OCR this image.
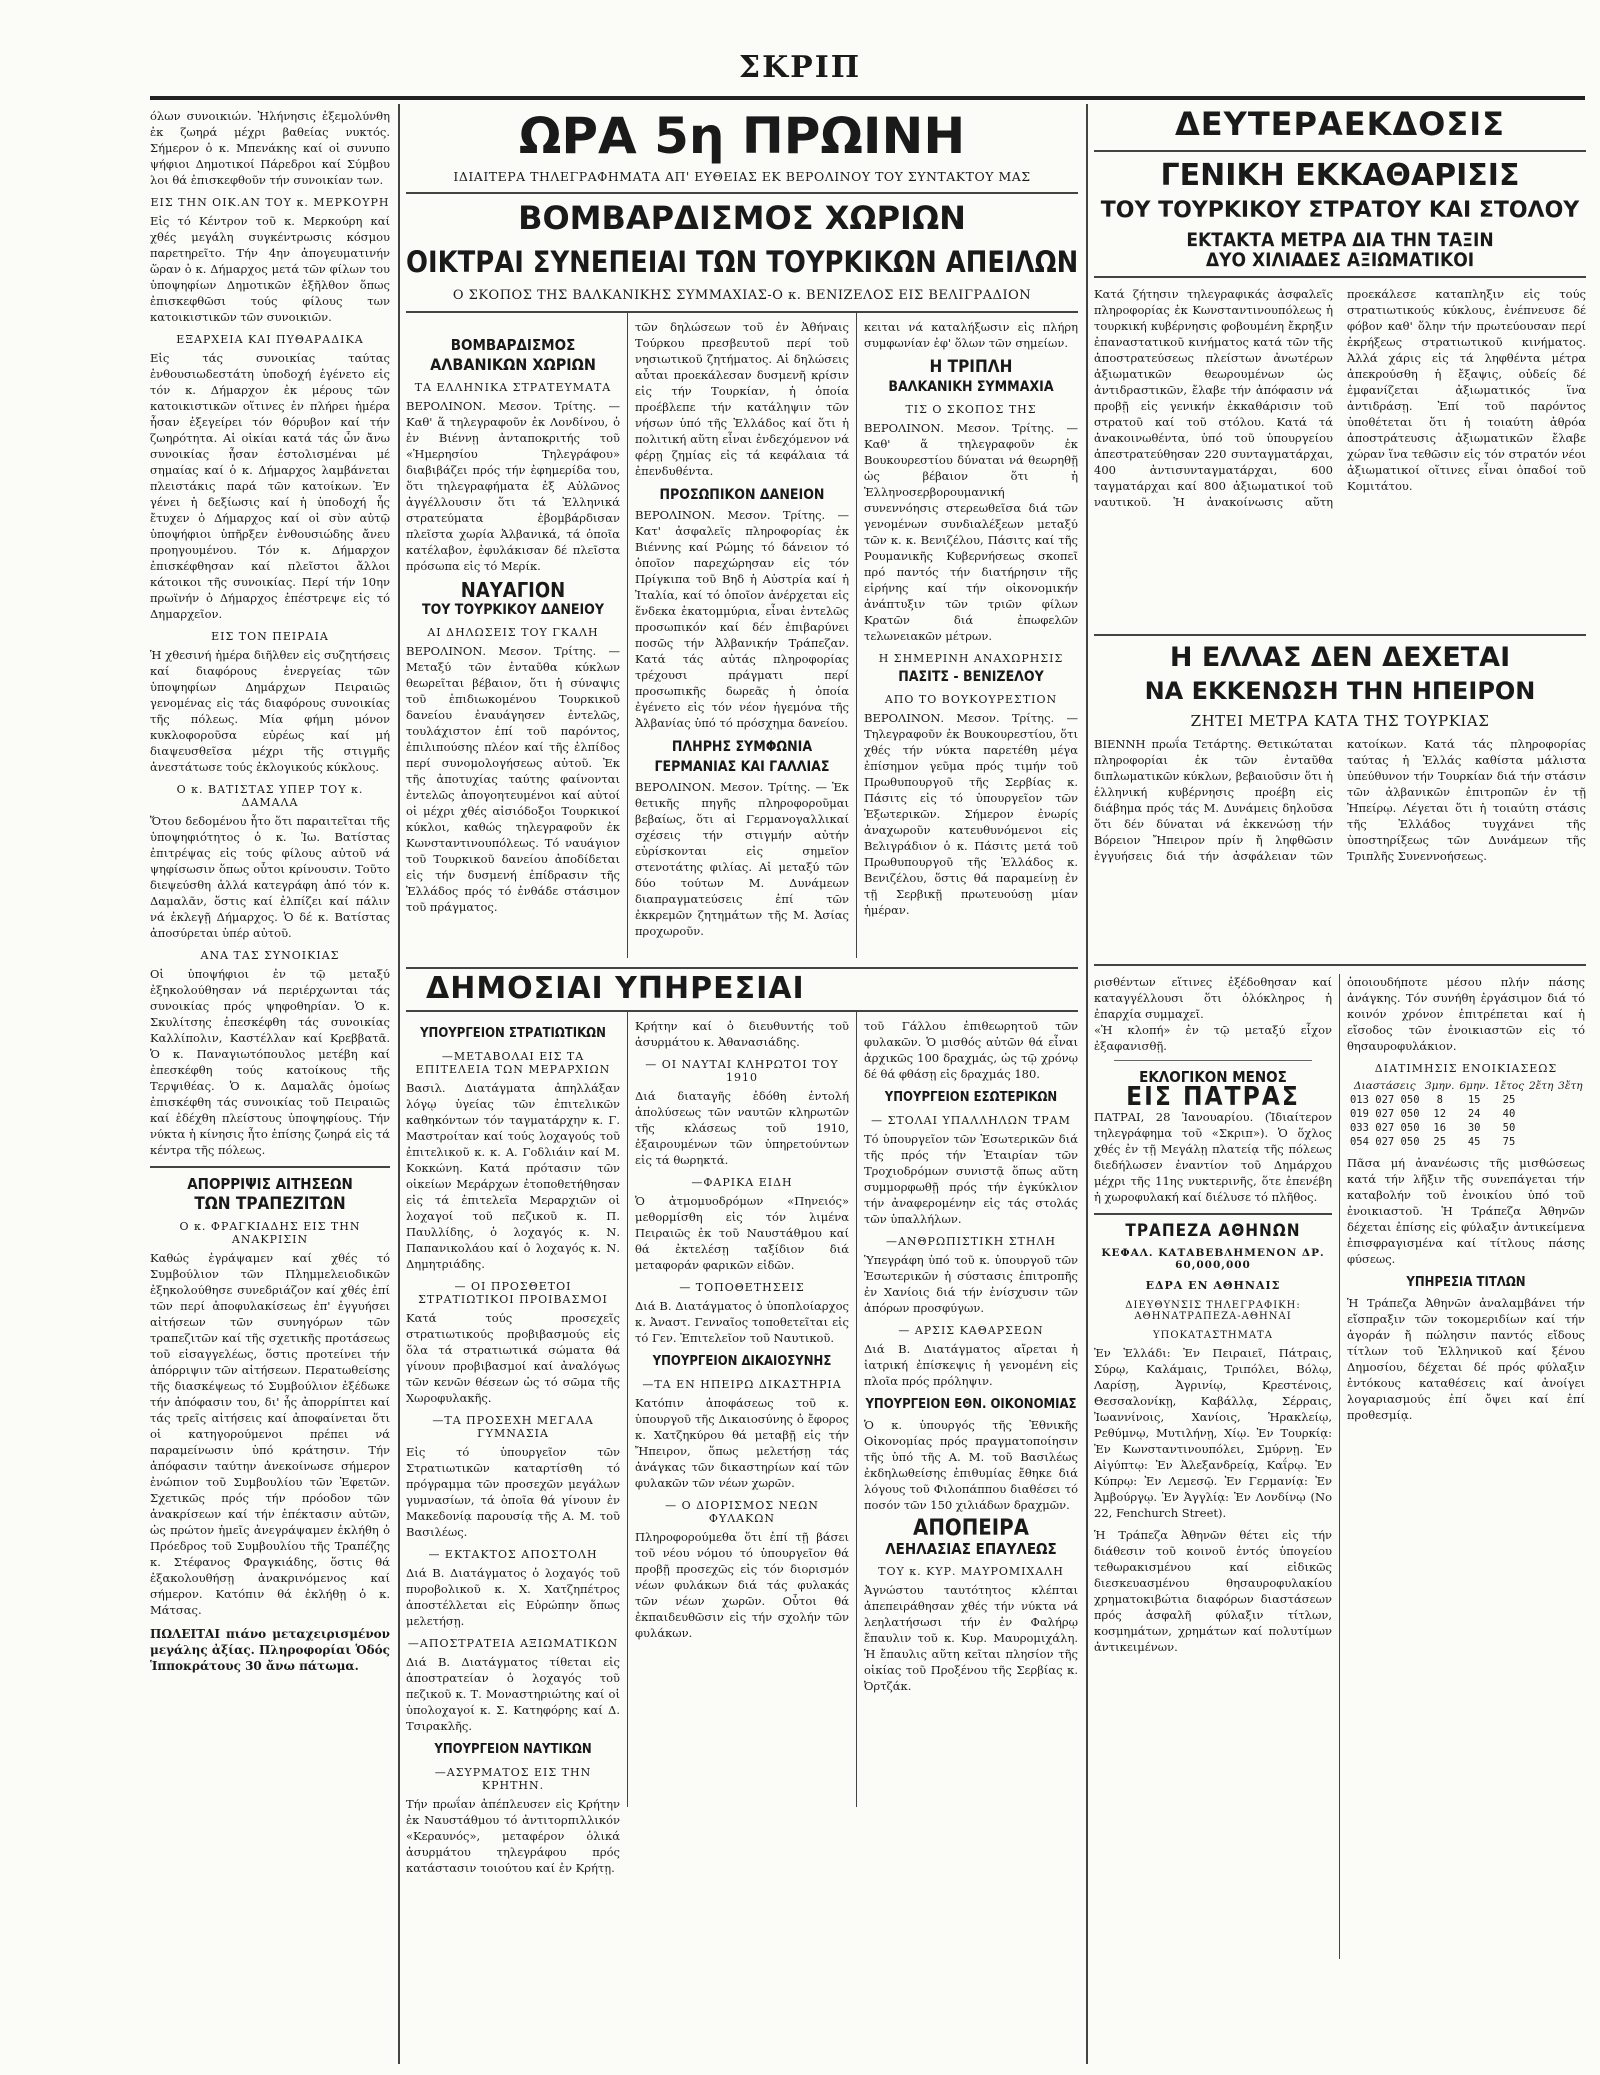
ΣΚΡΙΠ

όλων συνοικιών. Ἠλήνησις ἐξεμολύνθη ἐκ ζωηρά μέχρι βαθείας νυκτός. Σήμερον ὁ κ. Μπενάκης καί οἱ συνυπο ψήφιοι Δημοτικοί Πάρεδροι καί Σύμβου λοι θά ἐπισκεφθοῦν τήν συνοικίαν των.

ΕΙΣ ΤΗΝ ΟΙΚ.ΑΝ ΤΟΥ κ. ΜΕΡΚΟΥΡΗ

Εἰς τό Κέντρον τοῦ κ. Μερκούρη καί χθές μεγάλη συγκέντρωσις κόσμου παρετηρεῖτο. Τήν 4ην ἀπογευματινήν ὥραν ὁ κ. Δήμαρχος μετά τῶν φίλων του ὑποψηφίων Δημοτικῶν ἐξῆλθον ὅπως ἐπισκεφθῶσι τούς φίλους των κατοικιστικῶν τῶν συνοικιῶν.

ΕΞΑΡΧΕΙΑ ΚΑΙ ΠΥΘΑΡΑΔΙΚΑ

Εἰς τάς συνοικίας ταύτας ἐνθουσιωδεστάτη ὑποδοχή ἐγένετο εἰς τόν κ. Δήμαρχον ἐκ μέρους τῶν κατοικιστικῶν οἵτινες ἐν πλήρει ἡμέρα ἦσαν ἐξεγείρει τόν θόρυβον καί τήν ζωηρότητα. Αἱ οἰκίαι κατά τάς ὧν ἄνω συνοικίας ἦσαν ἐστολισμέναι μέ σημαίας καί ὁ κ. Δήμαρχος λαμβάνεται πλειστάκις παρά τῶν κατοίκων. Ἐν γένει ἡ δεξίωσις καί ἡ ὑποδοχή ἧς ἔτυχεν ὁ Δήμαρχος καί οἱ σὺν αὐτῷ ὑποψήφιοι ὑπῆρξεν ἐνθουσιώδης ἄνευ προηγουμένου. Τόν κ. Δήμαρχον ἐπισκέφθησαν καί πλεῖστοι ἄλλοι κάτοικοι τῆς συνοικίας. Περί τήν 10ην πρωϊνήν ὁ Δήμαρχος ἐπέστρεψε εἰς τό Δημαρχεῖον.

ΕΙΣ ΤΟΝ ΠΕΙΡΑΙΑ

Ἡ χθεσινή ἡμέρα διῆλθεν εἰς συζητήσεις καί διαφόρους ἐνεργείας τῶν ὑποψηφίων Δημάρχων Πειραιῶς γενομένας εἰς τάς διαφόρους συνοικίας τῆς πόλεως. Μία φήμη μόνον κυκλοφοροῦσα εὐρέως καί μή διαψευσθεῖσα μέχρι τῆς στιγμῆς ἀνεστάτωσε τούς ἐκλογικούς κύκλους.

Ο κ. ΒΑΤΙΣΤΑΣ ΥΠΕΡ ΤΟΥ κ. ΔΑΜΑΛΑ

Ὅτου δεδομένου ἦτο ὅτι παραιτεῖται τῆς ὑποψηφιότητος ὁ κ. Ἰω. Βατίστας ἐπιτρέψας εἰς τούς φίλους αὐτοῦ νά ψηφίσωσιν ὅπως οὗτοι κρίνουσιν. Τοῦτο διεψεύσθη ἀλλά κατεγράφη ἀπό τόν κ. Δαμαλᾶν, ὅστις καί ἐλπίζει καί πάλιν νά ἐκλεγῇ Δήμαρχος. Ὁ δέ κ. Βατίστας ἀποσύρεται ὑπέρ αὐτοῦ.

ΑΝΑ ΤΑΣ ΣΥΝΟΙΚΙΑΣ

Οἱ ὑποψήφιοι ἐν τῷ μεταξύ ἐξηκολούθησαν νά περιέρχωνται τάς συνοικίας πρός ψηφοθηρίαν. Ὁ κ. Σκυλίτσης ἐπεσκέφθη τάς συνοικίας Καλλίπολιν, Καστέλλαν καί Κρεββατᾶ. Ὁ κ. Παναγιωτόπουλος μετέβη καί ἐπεσκέφθη τούς κατοίκους τῆς Τερψιθέας. Ὁ κ. Δαμαλᾶς ὁμοίως ἐπισκέφθη τάς συνοικίας τοῦ Πειραιῶς καί ἐδέχθη πλείστους ὑποψηφίους. Τήν νύκτα ἡ κίνησις ἦτο ἐπίσης ζωηρά εἰς τά κέντρα τῆς πόλεως.

ΑΠΟΡΡΙΨΙΣ ΑΙΤΗΣΕΩΝ
ΤΩΝ ΤΡΑΠΕΖΙΤΩΝ
Ο κ. ΦΡΑΓΚΙΑΔΗΣ ΕΙΣ ΤΗΝ ΑΝΑΚΡΙΣΙΝ

Καθώς ἐγράψαμεν καί χθές τό Συμβούλιον τῶν Πλημμελειοδικῶν ἐξηκολούθησε συνεδριάζον καί χθές ἐπί τῶν περί ἀποφυλακίσεως ἐπ' ἐγγυήσει αἰτήσεων τῶν συνηγόρων τῶν τραπεζιτῶν καί τῆς σχετικῆς προτάσεως τοῦ εἰσαγγελέως, ὅστις προτείνει τήν ἀπόρριψιν τῶν αἰτήσεων. Περατωθείσης τῆς διασκέψεως τό Συμβούλιον ἐξέδωκε τήν ἀπόφασιν του, δι' ἧς ἀπορρίπτει καί τάς τρεῖς αἰτήσεις καί ἀποφαίνεται ὅτι οἱ κατηγορούμενοι πρέπει νά παραμείνωσιν ὑπό κράτησιν. Τήν ἀπόφασιν ταύτην ἀνεκοίνωσε σήμερον ἐνώπιον τοῦ Συμβουλίου τῶν Ἐφετῶν. Σχετικῶς πρός τήν πρόοδον τῶν ἀνακρίσεων καί τήν ἐπέκτασιν αὐτῶν, ὡς πρώτον ἡμεῖς ἀνεγράψαμεν ἐκλήθη ὁ Πρόεδρος τοῦ Συμβουλίου τῆς Τραπέζης κ. Στέφανος Φραγκιάδης, ὅστις θά ἐξακολουθήσῃ ἀνακρινόμενος καί σήμερον. Κατόπιν θά ἐκλήθῃ ὁ κ. Μάτσας.

ΠΩΛΕΙΤΑΙ πιάνο μεταχειρισμένον μεγάλης ἀξίας. Πληροφορίαι Ὁδός Ἱπποκράτους 30 ἄνω πάτωμα.

ΩΡΑ 5η ΠΡΩΙΝΗ
ΙΔΙΑΙΤΕΡΑ ΤΗΛΕΓΡΑΦΗΜΑΤΑ ΑΠ' ΕΥΘΕΙΑΣ ΕΚ ΒΕΡΟΛΙΝΟΥ ΤΟΥ ΣΥΝΤΑΚΤΟΥ ΜΑΣ
ΒΟΜΒΑΡΔΙΣΜΟΣ ΧΩΡΙΩΝ
ΟΙΚΤΡΑΙ ΣΥΝΕΠΕΙΑΙ ΤΩΝ ΤΟΥΡΚΙΚΩΝ ΑΠΕΙΛΩΝ
Ο ΣΚΟΠΟΣ ΤΗΣ ΒΑΛΚΑΝΙΚΗΣ ΣΥΜΜΑΧΙΑΣ-Ο κ. ΒΕΝΙΖΕΛΟΣ ΕΙΣ ΒΕΛΙΓΡΑΔΙΟΝ
ΒΟΜΒΑΡΔΙΣΜΟΣ
ΑΛΒΑΝΙΚΩΝ ΧΩΡΙΩΝ
ΤΑ ΕΛΛΗΝΙΚΑ ΣΤΡΑΤΕΥΜΑΤΑ

ΒΕΡΟΛΙΝΟΝ. Μεσον. Τρίτης. — Καθ' ἅ τηλεγραφοῦν ἐκ Λονδίνου, ὁ ἐν Βιέννῃ ἀνταποκριτής τοῦ «Ἡμερησίου Τηλεγράφου» διαβιβάζει πρός τήν ἐφημερίδα του, ὅτι τηλεγραφήματα ἐξ Αὐλῶνος ἀγγέλλουσιν ὅτι τά Ἑλληνικά στρατεύματα ἐβομβάρδισαν πλεῖστα χωρία Ἀλβανικά, τά ὁποῖα κατέλαβον, ἐφυλάκισαν δέ πλεῖστα πρόσωπα εἰς τό Μερίκ.

ΝΑΥΑΓΙΟΝ
ΤΟΥ ΤΟΥΡΚΙΚΟΥ ΔΑΝΕΙΟΥ
ΑΙ ΔΗΛΩΣΕΙΣ ΤΟΥ ΓΚΑΛΗ

ΒΕΡΟΛΙΝΟΝ. Μεσον. Τρίτης. — Μεταξύ τῶν ἐνταῦθα κύκλων θεωρεῖται βέβαιον, ὅτι ἡ σύναψις τοῦ ἐπιδιωκομένου Τουρκικοῦ δανείου ἐναυάγησεν ἐντελῶς, τουλάχιστον ἐπί τοῦ παρόντος, ἐπιλιπούσης πλέον καί τῆς ἐλπίδος περί συνομολογήσεως αὐτοῦ. Ἐκ τῆς ἀποτυχίας ταύτης φαίνονται ἐντελῶς ἀπογοητευμένοι καί αὐτοί οἱ μέχρι χθές αἰσιόδοξοι Τουρκικοί κύκλοι, καθώς τηλεγραφοῦν ἐκ Κωνσταντινουπόλεως. Τό ναυάγιον τοῦ Τουρκικοῦ δανείου ἀποδίδεται εἰς τήν δυσμενή ἐπίδρασιν τῆς Ἑλλάδος πρός τό ἐνθάδε στάσιμον τοῦ πράγματος.

τῶν δηλώσεων τοῦ ἐν Ἀθήναις Τούρκου πρεσβευτοῦ περί τοῦ νησιωτικοῦ ζητήματος. Αἱ δηλώσεις αὗται προεκάλεσαν δυσμενῆ κρίσιν εἰς τήν Τουρκίαν, ἡ ὁποία προέβλεπε τήν κατάληψιν τῶν νήσων ὑπό τῆς Ἑλλάδος καί ὅτι ἡ πολιτική αὕτη εἶναι ἐνδεχόμενον νά φέρῃ ζημίας εἰς τά κεφάλαια τά ἐπενδυθέντα.

ΠΡΟΣΩΠΙΚΟΝ ΔΑΝΕΙΟΝ

ΒΕΡΟΛΙΝΟΝ. Μεσον. Τρίτης. — Κατ' ἀσφαλεῖς πληροφορίας ἐκ Βιέννης καί Ρώμης τό δάνειον τό ὁποῖον παρεχώρησαν εἰς τόν Πρίγκιπα τοῦ Βηδ ἡ Αὐστρία καί ἡ Ἰταλία, καί τό ὁποῖον ἀνέρχεται εἰς ἕνδεκα ἑκατομμύρια, εἶναι ἐντελῶς προσωπικόν καί δέν ἐπιβαρύνει ποσῶς τήν Ἀλβανικήν Τράπεζαν. Κατά τάς αὐτάς πληροφορίας τρέχουσι πράγματι περί προσωπικῆς δωρεᾶς ἡ ὁποία ἐγένετο εἰς τόν νέον ἡγεμόνα τῆς Ἀλβανίας ὑπό τό πρόσχημα δανείου.

ΠΛΗΡΗΣ ΣΥΜΦΩΝΙΑ
ΓΕΡΜΑΝΙΑΣ ΚΑΙ ΓΑΛΛΙΑΣ

ΒΕΡΟΛΙΝΟΝ. Μεσον. Τρίτης. — Ἐκ θετικῆς πηγῆς πληροφοροῦμαι βεβαίως, ὅτι αἱ Γερμανογαλλικαί σχέσεις τήν στιγμήν αὐτήν εὑρίσκονται εἰς σημεῖον στενοτάτης φιλίας. Αἱ μεταξύ τῶν δύο τούτων Μ. Δυνάμεων διαπραγματεύσεις ἐπί τῶν ἐκκρεμῶν ζητημάτων τῆς Μ. Ἀσίας προχωροῦν.

κειται νά καταλήξωσιν εἰς πλήρη συμφωνίαν ἐφ' ὅλων τῶν σημείων.

Η ΤΡΙΠΛΗ
ΒΑΛΚΑΝΙΚΗ ΣΥΜΜΑΧΙΑ
ΤΙΣ Ο ΣΚΟΠΟΣ ΤΗΣ

ΒΕΡΟΛΙΝΟΝ. Μεσον. Τρίτης. — Καθ' ἅ τηλεγραφοῦν ἐκ Βουκουρεστίου δύναται νά θεωρηθῇ ὡς βέβαιον ὅτι ἡ Ἑλληνοσερβορουμανική συνεννόησις στερεωθεῖσα διά τῶν γενομένων συνδιαλέξεων μεταξύ τῶν κ. κ. Βενιζέλου, Πάσιτς καί τῆς Ρουμανικῆς Κυβερνήσεως σκοπεῖ πρό παντός τήν διατήρησιν τῆς εἰρήνης καί τήν οἰκονομικήν ἀνάπτυξιν τῶν τριῶν φίλων Κρατῶν διά ἐπωφελῶν τελωνειακῶν μέτρων.

Η ΣΗΜΕΡΙΝΗ ΑΝΑΧΩΡΗΣΙΣ
ΠΑΣΙΤΣ - ΒΕΝΙΖΕΛΟΥ
ΑΠΟ ΤΟ ΒΟΥΚΟΥΡΕΣΤΙΟΝ

ΒΕΡΟΛΙΝΟΝ. Μεσον. Τρίτης. — Τηλεγραφοῦν ἐκ Βουκουρεστίου, ὅτι χθές τήν νύκτα παρετέθη μέγα ἐπίσημον γεῦμα πρός τιμήν τοῦ Πρωθυπουργοῦ τῆς Σερβίας κ. Πάσιτς εἰς τό ὑπουργεῖον τῶν Ἐξωτερικῶν. Σήμερον ἐνωρίς ἀναχωροῦν κατευθυνόμενοι εἰς Βελιγράδιον ὁ κ. Πάσιτς μετά τοῦ Πρωθυπουργοῦ τῆς Ἑλλάδος κ. Βενιζέλου, ὅστις θά παραμείνῃ ἐν τῇ Σερβικῇ πρωτευούσῃ μίαν ἡμέραν.

ΔΗΜΟΣΙΑΙ ΥΠΗΡΕΣΙΑΙ
ΥΠΟΥΡΓΕΙΟΝ ΣΤΡΑΤΙΩΤΙΚΩΝ
—ΜΕΤΑΒΟΛΑΙ ΕΙΣ ΤΑ ΕΠΙΤΕΛΕΙΑ ΤΩΝ ΜΕΡΑΡΧΙΩΝ

Βασιλ. Διατάγματα ἀπηλλάξαν λόγῳ ὑγείας τῶν ἐπιτελικῶν καθηκόντων τόν ταγματάρχην κ. Γ. Μαστροίταν καί τούς λοχαγούς τοῦ ἐπιτελικοῦ κ. κ. Α. Γοδλιάιν καί Μ. Κοκκώνη. Κατά πρότασιν τῶν οἰκείων Μεράρχων ἐτοποθετήθησαν εἰς τά ἐπιτελεῖα Μεραρχιῶν οἱ λοχαγοί τοῦ πεζικοῦ κ. Π. Παυλλίδης, ὁ λοχαγός κ. Ν. Παπανικολάου καί ὁ λοχαγός κ. Ν. Δημητριάδης.

— ΟΙ ΠΡΟΣΘΕΤΟΙ ΣΤΡΑΤΙΩΤΙΚΟΙ ΠΡΟΙΒΑΣΜΟΙ

Κατά τούς προσεχεῖς στρατιωτικούς προβιβασμούς εἰς ὅλα τά στρατιωτικά σώματα θά γίνουν προβιβασμοί καί ἀναλόγως τῶν κενῶν θέσεων ὡς τό σῶμα τῆς Χωροφυλακῆς.

—ΤΑ ΠΡΟΣΕΧΗ ΜΕΓΑΛΑ ΓΥΜΝΑΣΙΑ

Εἰς τό ὑπουργεῖον τῶν Στρατιωτικῶν καταρτίσθη τό πρόγραμμα τῶν προσεχῶν μεγάλων γυμνασίων, τά ὁποῖα θά γίνουν ἐν Μακεδονίᾳ παρουσίᾳ τῆς Α. Μ. τοῦ Βασιλέως.

— ΕΚΤΑΚΤΟΣ ΑΠΟΣΤΟΛΗ

Διά Β. Διατάγματος ὁ λοχαγός τοῦ πυροβολικοῦ κ. Χ. Χατζηπέτρος ἀποστέλλεται εἰς Εὐρώπην ὅπως μελετήσῃ.

—ΑΠΟΣΤΡΑΤΕΙΑ ΑΞΙΩΜΑΤΙΚΩΝ

Διά Β. Διατάγματος τίθεται εἰς ἀποστρατείαν ὁ λοχαγός τοῦ πεζικοῦ κ. Τ. Μοναστηριώτης καί οἱ ὑπολοχαγοί κ. Σ. Κατηφόρης καί Δ. Τσιρακλῆς.

ΥΠΟΥΡΓΕΙΟΝ ΝΑΥΤΙΚΩΝ
—ΑΣΥΡΜΑΤΟΣ ΕΙΣ ΤΗΝ ΚΡΗΤΗΝ.

Τήν πρωΐαν ἀπέπλευσεν εἰς Κρήτην ἐκ Ναυστάθμου τό ἀντιτορπιλλικόν «Κεραυνός», μεταφέρον ὁλικά ἀσυρμάτου τηλεγράφου πρός κατάστασιν τοιούτου καί ἐν Κρήτῃ.

Κρήτην καί ὁ διευθυντής τοῦ ἀσυρμάτου κ. Ἀθανασιάδης.

— ΟΙ ΝΑΥΤΑΙ ΚΛΗΡΩΤΟΙ ΤΟΥ 1910

Διά διαταγῆς ἐδόθη ἐντολή ἀπολύσεως τῶν ναυτῶν κληρωτῶν τῆς κλάσεως τοῦ 1910, ἐξαιρουμένων τῶν ὑπηρετούντων εἰς τά θωρηκτά.

—ΦΑΡΙΚΑ ΕΙΔΗ

Ὁ ἀτμομυοδρόμων «Πηνειός» μεθορμίσθη εἰς τόν λιμένα Πειραιῶς ἐκ τοῦ Ναυστάθμου καί θά ἐκτελέσῃ ταξίδιον διά μεταφοράν φαρικῶν εἰδῶν.

— ΤΟΠΟΘΕΤΗΣΕΙΣ

Διά Β. Διατάγματος ὁ ὑποπλοίαρχος κ. Ἀναστ. Γενναῖος τοποθετεῖται εἰς τό Γεν. Ἐπιτελεῖον τοῦ Ναυτικοῦ.

ΥΠΟΥΡΓΕΙΟΝ ΔΙΚΑΙΟΣΥΝΗΣ
—ΤΑ ΕΝ ΗΠΕΙΡΩ ΔΙΚΑΣΤΗΡΙΑ

Κατόπιν ἀποφάσεως τοῦ κ. ὑπουργοῦ τῆς Δικαιοσύνης ὁ ἔφορος κ. Χατζηκύρου θά μεταβῇ εἰς τήν Ἤπειρον, ὅπως μελετήσῃ τάς ἀνάγκας τῶν δικαστηρίων καί τῶν φυλακῶν τῶν νέων χωρῶν.

— Ο ΔΙΟΡΙΣΜΟΣ ΝΕΩΝ ΦΥΛΑΚΩΝ

Πληροφορούμεθα ὅτι ἐπί τῇ βάσει τοῦ νέου νόμου τό ὑπουργεῖον θά προβῇ προσεχῶς εἰς τόν διορισμόν νέων φυλάκων διά τάς φυλακάς τῶν νέων χωρῶν. Οὗτοι θά ἐκπαιδευθῶσιν εἰς τήν σχολήν τῶν φυλάκων.

τοῦ Γάλλου ἐπιθεωρητοῦ τῶν φυλακῶν. Ὁ μισθός αὐτῶν θά εἶναι ἀρχικῶς 100 δραχμάς, ὡς τῷ χρόνῳ δέ θά φθάσῃ εἰς δραχμάς 180.

ΥΠΟΥΡΓΕΙΟΝ ΕΣΩΤΕΡΙΚΩΝ
— ΣΤΟΛΑΙ ΥΠΑΛΛΗΛΩΝ ΤΡΑΜ

Τό ὑπουργεῖον τῶν Ἐσωτερικῶν διά τῆς πρός τήν Ἑταιρίαν τῶν Τροχιοδρόμων συνιστᾷ ὅπως αὕτη συμμορφωθῇ πρός τήν ἐγκύκλιον τήν ἀναφερομένην εἰς τάς στολάς τῶν ὑπαλλήλων.

—ΑΝΘΡΩΠΙΣΤΙΚΗ ΣΤΗΛΗ

Ὑπεγράφη ὑπό τοῦ κ. ὑπουργοῦ τῶν Ἐσωτερικῶν ἡ σύστασις ἐπιτροπῆς ἐν Χανίοις διά τήν ἐνίσχυσιν τῶν ἀπόρων προσφύγων.

— ΑΡΣΙΣ ΚΑΘΑΡΣΕΩΝ

Διά Β. Διατάγματος αἴρεται ἡ ἰατρική ἐπίσκεψις ἡ γενομένη εἰς πλοῖα πρός πρόληψιν.

ΥΠΟΥΡΓΕΙΟΝ ΕΘΝ. ΟΙΚΟΝΟΜΙΑΣ

Ὁ κ. ὑπουργός τῆς Ἐθνικῆς Οἰκονομίας πρός πραγματοποίησιν τῆς ὑπό τῆς Α. Μ. τοῦ Βασιλέως ἐκδηλωθείσης ἐπιθυμίας ἔθηκε διά λόγους τοῦ Φιλοπάππου διαθέσει τό ποσόν τῶν 150 χιλιάδων δραχμῶν.

ΑΠΟΠΕΙΡΑ
ΛΕΗΛΑΣΙΑΣ ΕΠΑΥΛΕΩΣ
ΤΟΥ κ. ΚΥΡ. ΜΑΥΡΟΜΙΧΑΛΗ

Ἀγνώστου ταυτότητος κλέπται ἀπεπειράθησαν χθές τήν νύκτα νά λεηλατήσωσι τήν ἐν Φαλήρῳ ἔπαυλιν τοῦ κ. Κυρ. Μαυρομιχάλη. Ἡ ἔπαυλις αὕτη κεῖται πλησίον τῆς οἰκίας τοῦ Προξένου τῆς Σερβίας κ. Ὀρτζάκ.

ΔΕΥΤΕΡΑΕΚΔΟΣΙΣ
ΓΕΝΙΚΗ ΕΚΚΑΘΑΡΙΣΙΣ
ΤΟΥ ΤΟΥΡΚΙΚΟΥ ΣΤΡΑΤΟΥ ΚΑΙ ΣΤΟΛΟΥ
ΕΚΤΑΚΤΑ ΜΕΤΡΑ ΔΙΑ ΤΗΝ ΤΑΞΙΝ
ΔΥΟ ΧΙΛΙΑΔΕΣ ΑΞΙΩΜΑΤΙΚΟΙ

Κατά ζήτησιν τηλεγραφικάς ἀσφαλεῖς πληροφορίας ἐκ Κωνσταντινουπόλεως ἡ τουρκική κυβέρνησις φοβουμένη ἔκρηξιν ἐπαναστατικοῦ κινήματος κατά τῶν τῆς ἀποστρατεύσεως πλείστων ἀνωτέρων ἀξιωματικῶν θεωρουμένων ὡς ἀντιδραστικῶν, ἔλαβε τήν ἀπόφασιν νά προβῇ εἰς γενικήν ἐκκαθάρισιν τοῦ στρατοῦ καί τοῦ στόλου. Κατά τά ἀνακοινωθέντα, ὑπό τοῦ ὑπουργείου ἀπεστρατεύθησαν 220 συνταγματάρχαι, 400 ἀντισυνταγματάρχαι, 600 ταγματάρχαι καί 800 ἀξιωματικοί τοῦ ναυτικοῦ. Ἡ ἀνακοίνωσις αὕτη προεκάλεσε καταπληξιν εἰς τούς στρατιωτικούς κύκλους, ἐνέπνευσε δέ φόβον καθ' ὅλην τήν πρωτεύουσαν περί ἐκρήξεως στρατιωτικοῦ κινήματος. Ἀλλά χάρις εἰς τά ληφθέντα μέτρα ἀπεκρούσθη ἡ ἔξαψις, οὐδείς δέ ἐμφανίζεται ἀξιωματικός ἵνα ἀντιδράσῃ. Ἐπί τοῦ παρόντος ὑποθέτεται ὅτι ἡ τοιαύτη ἀθρόα ἀποστράτευσις ἀξιωματικῶν ἔλαβε χώραν ἵνα τεθῶσιν εἰς τόν στρατόν νέοι ἀξιωματικοί οἵτινες εἶναι ὀπαδοί τοῦ Κομιτάτου.

Η ΕΛΛΑΣ ΔΕΝ ΔΕΧΕΤΑΙ
ΝΑ ΕΚΚΕΝΩΣΗ ΤΗΝ ΗΠΕΙΡΟΝ
ΖΗΤΕΙ ΜΕΤΡΑ ΚΑΤΑ ΤΗΣ ΤΟΥΡΚΙΑΣ

ΒΙΕΝΝΗ πρωΐα Τετάρτης. Θετικώταται πληροφορίαι ἐκ τῶν ἐνταῦθα διπλωματικῶν κύκλων, βεβαιοῦσιν ὅτι ἡ ἑλληνική κυβέρνησις προέβη εἰς διάβημα πρός τάς Μ. Δυνάμεις δηλοῦσα ὅτι δέν δύναται νά ἐκκενώσῃ τήν Βόρειον Ἤπειρον πρίν ἤ ληφθῶσιν ἐγγυήσεις διά τήν ἀσφάλειαν τῶν κατοίκων. Κατά τάς πληροφορίας ταύτας ἡ Ἑλλάς καθίστα μάλιστα ὑπεύθυνον τήν Τουρκίαν διά τήν στάσιν τῶν ἀλβανικῶν ἐπιτροπῶν ἐν τῇ Ἠπείρῳ. Λέγεται ὅτι ἡ τοιαύτη στάσις τῆς Ἑλλάδος τυγχάνει τῆς ὑποστηρίξεως τῶν Δυνάμεων τῆς Τριπλῆς Συνεννοήσεως.

ρισθέντων εἵτινες ἐξέδοθησαν καί καταγγέλλουσι ὅτι ὁλόκληρος ἡ ἐπαρχία συμμαχεῖ.

«Ἡ κλοπή» ἐν τῷ μεταξύ εἶχον ἐξαφανισθῇ.

ΕΚΛΟΓΙΚΟΝ ΜΕΝΟΣ
ΕΙΣ ΠΑΤΡΑΣ

ΠΑΤΡΑΙ, 28 Ἰανουαρίου. (Ἰδιαίτερον τηλεγράφημα τοῦ «Σκριπ»). Ὁ ὅχλος χθές ἐν τῇ Μεγάλῃ πλατείᾳ τῆς πόλεως διεδήλωσεν ἐναντίον τοῦ Δημάρχου μέχρι τῆς 11ης νυκτερινῆς, ὅτε ἐπενέβη ἡ χωροφυλακή καί διέλυσε τό πλῆθος.

ΤΡΑΠΕΖΑ ΑΘΗΝΩΝ
ΚΕΦΑΛ. ΚΑΤΑΒΕΒΛΗΜΕΝΟΝ ΔΡ. 60,000,000
ΕΔΡΑ ΕΝ ΑΘΗΝΑΙΣ
ΔΙΕΥΘΥΝΣΙΣ ΤΗΛΕΓΡΑΦΙΚΗ: ΑΘΗΝΑΤΡΑΠΕΖΑ-ΑΘΗΝΑΙ
ΥΠΟΚΑΤΑΣΤΗΜΑΤΑ

Ἐν Ἑλλάδι: Ἐν Πειραιεῖ, Πάτραις, Σύρῳ, Καλάμαις, Τριπόλει, Βόλῳ, Λαρίσῃ, Ἀγρινίῳ, Κρεστένοις, Θεσσαλονίκῃ, Καβάλλᾳ, Σέρραις, Ἰωαννίνοις, Χανίοις, Ἡρακλείῳ, Ρεθύμνῳ, Μυτιλήνῃ, Χίῳ. Ἐν Τουρκίᾳ: Ἐν Κωνσταντινουπόλει, Σμύρνῃ. Ἐν Αἰγύπτῳ: Ἐν Ἀλεξανδρείᾳ, Καΐρῳ. Ἐν Κύπρῳ: Ἐν Λεμεσῷ. Ἐν Γερμανίᾳ: Ἐν Ἀμβούργῳ. Ἐν Ἀγγλίᾳ: Ἐν Λονδίνῳ (No 22, Fenchurch Street).

Ἡ Τράπεζα Ἀθηνῶν θέτει εἰς τήν διάθεσιν τοῦ κοινοῦ ἐντός ὑπογείου τεθωρακισμένου καί εἰδικῶς διεσκευασμένου θησαυροφυλακίου χρηματοκιβώτια διαφόρων διαστάσεων πρός ἀσφαλῆ φύλαξιν τίτλων, κοσμημάτων, χρημάτων καί πολυτίμων ἀντικειμένων.

ὁποιουδήποτε μέσου πλήν πάσης ἀνάγκης. Τόν συνήθη ἐργάσιμον διά τό κοινόν χρόνον ἐπιτρέπεται καί ἡ εἴσοδος τῶν ἐνοικιαστῶν εἰς τό θησαυροφυλάκιον.

ΔΙΑΤΙΜΗΣΙΣ ΕΝΟΙΚΙΑΣΕΩΣ
Διαστάσεις	3μην.	6μην.	1ἔτος	2ἔτη	3ἔτη
013 027 050	8	15	25		
019 027 050	12	24	40		
033 027 050	16	30	50		
054 027 050	25	45	75		

Πᾶσα μή ἀνανέωσις τῆς μισθώσεως κατά τήν λῆξιν τῆς συνεπάγεται τήν καταβολήν τοῦ ἐνοικίου ὑπό τοῦ ἐνοικιαστοῦ. Ἡ Τράπεζα Ἀθηνῶν δέχεται ἐπίσης εἰς φύλαξιν ἀντικείμενα ἐπισφραγισμένα καί τίτλους πάσης φύσεως.

ΥΠΗΡΕΣΙΑ ΤΙΤΛΩΝ

Ἡ Τράπεζα Ἀθηνῶν ἀναλαμβάνει τήν εἴσπραξιν τῶν τοκομεριδίων καί τήν ἀγοράν ἤ πώλησιν παντός εἴδους τίτλων τοῦ Ἑλληνικοῦ καί ξένου Δημοσίου, δέχεται δέ πρός φύλαξιν ἐντόκους καταθέσεις καί ἀνοίγει λογαριασμούς ἐπί ὄψει καί ἐπί προθεσμίᾳ.
